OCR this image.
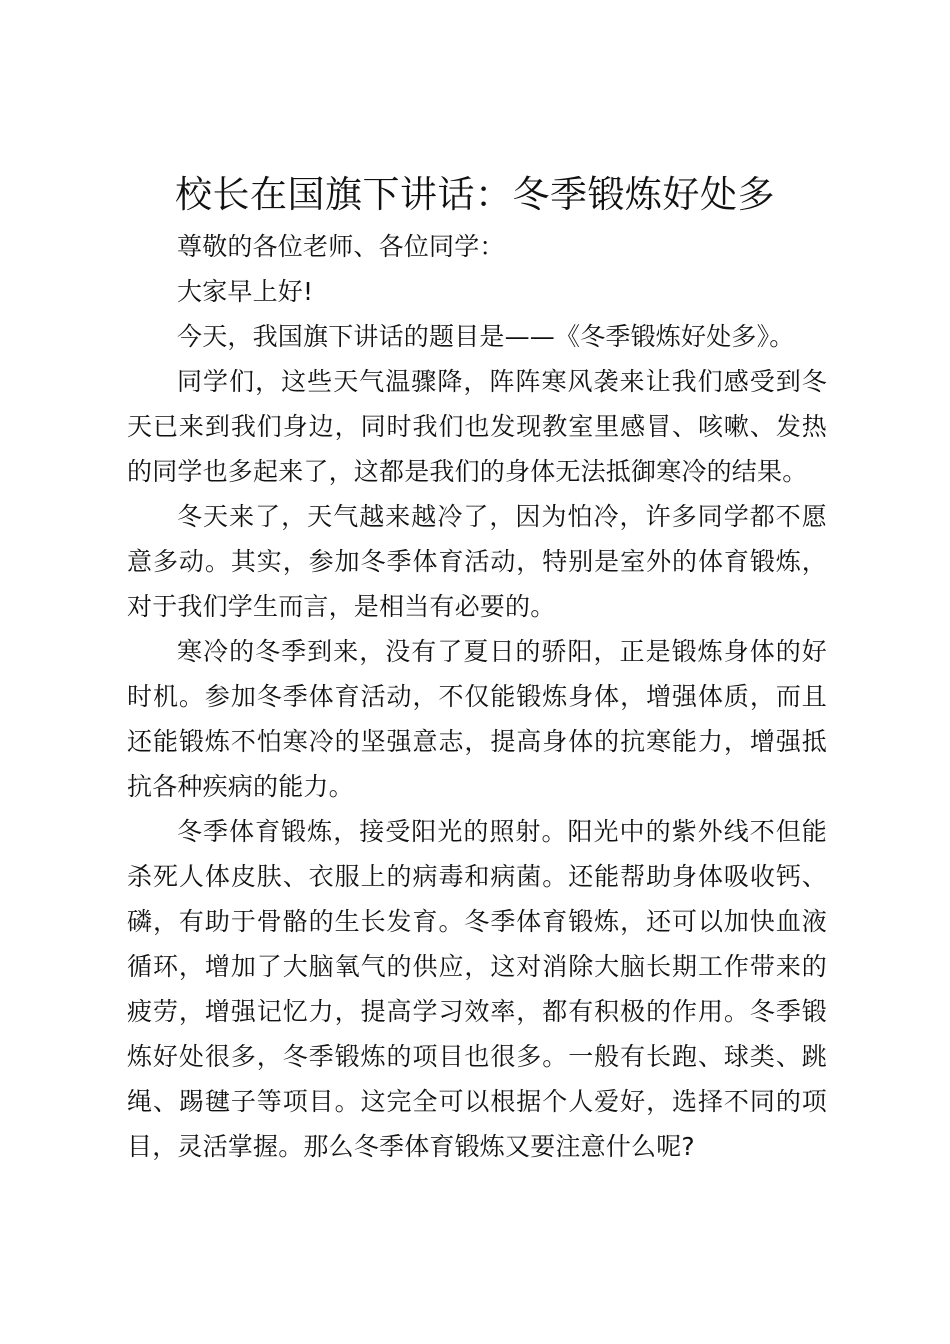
校长在国旗下讲话：冬季锻炼好处多

尊敬的各位老师、各位同学：

大家早上好!

今天，我国旗下讲话的题目是——《冬季锻炼好处多》。

同学们，这些天气温骤降，阵阵寒风袭来让我们感受到冬天已来到我们身边，同时我们也发现教室里感冒、咳嗽、发热的同学也多起来了，这都是我们的身体无法抵御寒冷的结果。

冬天来了，天气越来越冷了，因为怕冷，许多同学都不愿意多动。其实，参加冬季体育活动，特别是室外的体育锻炼，对于我们学生而言，是相当有必要的。

寒冷的冬季到来，没有了夏日的骄阳，正是锻炼身体的好时机。参加冬季体育活动，不仅能锻炼身体，增强体质，而且还能锻炼不怕寒冷的坚强意志，提高身体的抗寒能力，增强抵抗各种疾病的能力。

冬季体育锻炼，接受阳光的照射。阳光中的紫外线不但能杀死人体皮肤、衣服上的病毒和病菌。还能帮助身体吸收钙、磷，有助于骨骼的生长发育。冬季体育锻炼，还可以加快血液循环，增加了大脑氧气的供应，这对消除大脑长期工作带来的疲劳，增强记忆力，提高学习效率，都有积极的作用。冬季锻炼好处很多，冬季锻炼的项目也很多。一般有长跑、球类、跳绳、踢毽子等项目。这完全可以根据个人爱好，选择不同的项目，灵活掌握。那么冬季体育锻炼又要注意什么呢?
